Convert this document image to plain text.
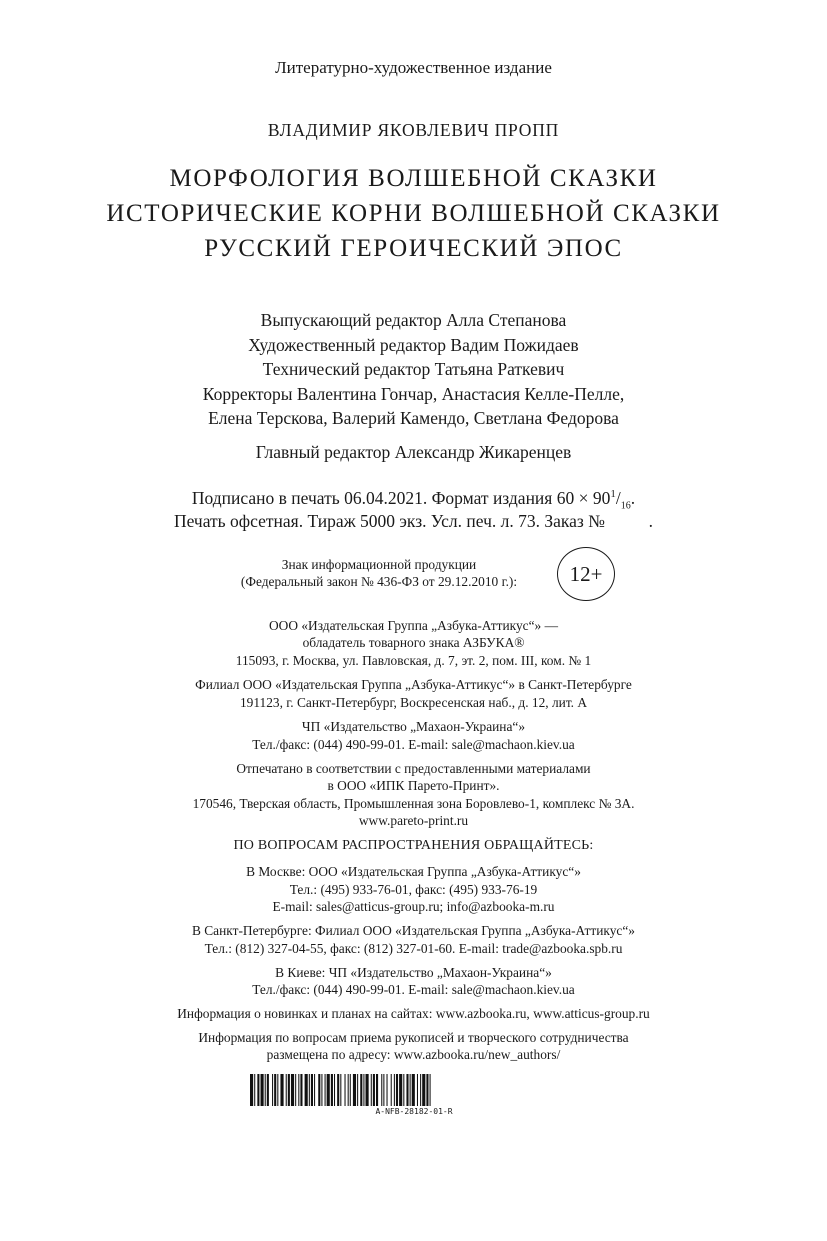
Литературно-художественное издание
ВЛАДИМИР ЯКОВЛЕВИЧ ПРОПП
МОРФОЛОГИЯ ВОЛШЕБНОЙ СКАЗКИ
ИСТОРИЧЕСКИЕ КОРНИ ВОЛШЕБНОЙ СКАЗКИ
РУССКИЙ ГЕРОИЧЕСКИЙ ЭПОС
Выпускающий редактор Алла Степанова
Художественный редактор Вадим Пожидаев
Технический редактор Татьяна Раткевич
Корректоры Валентина Гончар, Анастасия Келле-Пелле,
Елена Терскова, Валерий Камендо, Светлана Федорова
Главный редактор Александр Жикаренцев
Подписано в печать 06.04.2021. Формат издания $60 \times 90^1/_{16}$.
Печать офсетная. Тираж 5000 экз. Усл. печ. л. 73. Заказ №          .
Знак информационной продукции
(Федеральный закон № 436-ФЗ от 29.12.2010 г.):	12+
ООО «Издательская Группа „Азбука-Аттикус“» —
обладатель товарного знака АЗБУКА®
115093, г. Москва, ул. Павловская, д. 7, эт. 2, пом. III, ком. № 1
Филиал ООО «Издательская Группа „Азбука-Аттикус“» в Санкт-Петербурге
191123, г. Санкт-Петербург, Воскресенская наб., д. 12, лит. А
ЧП «Издательство „Махаон-Украина“»
Тел./факс: (044) 490-99-01. E-mail: sale@machaon.kiev.ua
Отпечатано в соответствии с предоставленными материалами
в ООО «ИПК Парето-Принт».
170546, Тверская область, Промышленная зона Боровлево-1, комплекс № 3А.
www.pareto-print.ru
ПО ВОПРОСАМ РАСПРОСТРАНЕНИЯ ОБРАЩАЙТЕСЬ:
В Москве: ООО «Издательская Группа „Азбука-Аттикус“»
Тел.: (495) 933-76-01, факс: (495) 933-76-19
E-mail: sales@atticus-group.ru; info@azbooka-m.ru
В Санкт-Петербурге: Филиал ООО «Издательская Группа „Азбука-Аттикус“»
Тел.: (812) 327-04-55, факс: (812) 327-01-60. E-mail: trade@azbooka.spb.ru
В Киеве: ЧП «Издательство „Махаон-Украина“»
Тел./факс: (044) 490-99-01. E-mail: sale@machaon.kiev.ua
Информация о новинках и планах на сайтах: www.azbooka.ru, www.atticus-group.ru
Информация по вопросам приема рукописей и творческого сотрудничества
размещена по адресу: www.azbooka.ru/new_authors/
A-NFB-28182-01-R
